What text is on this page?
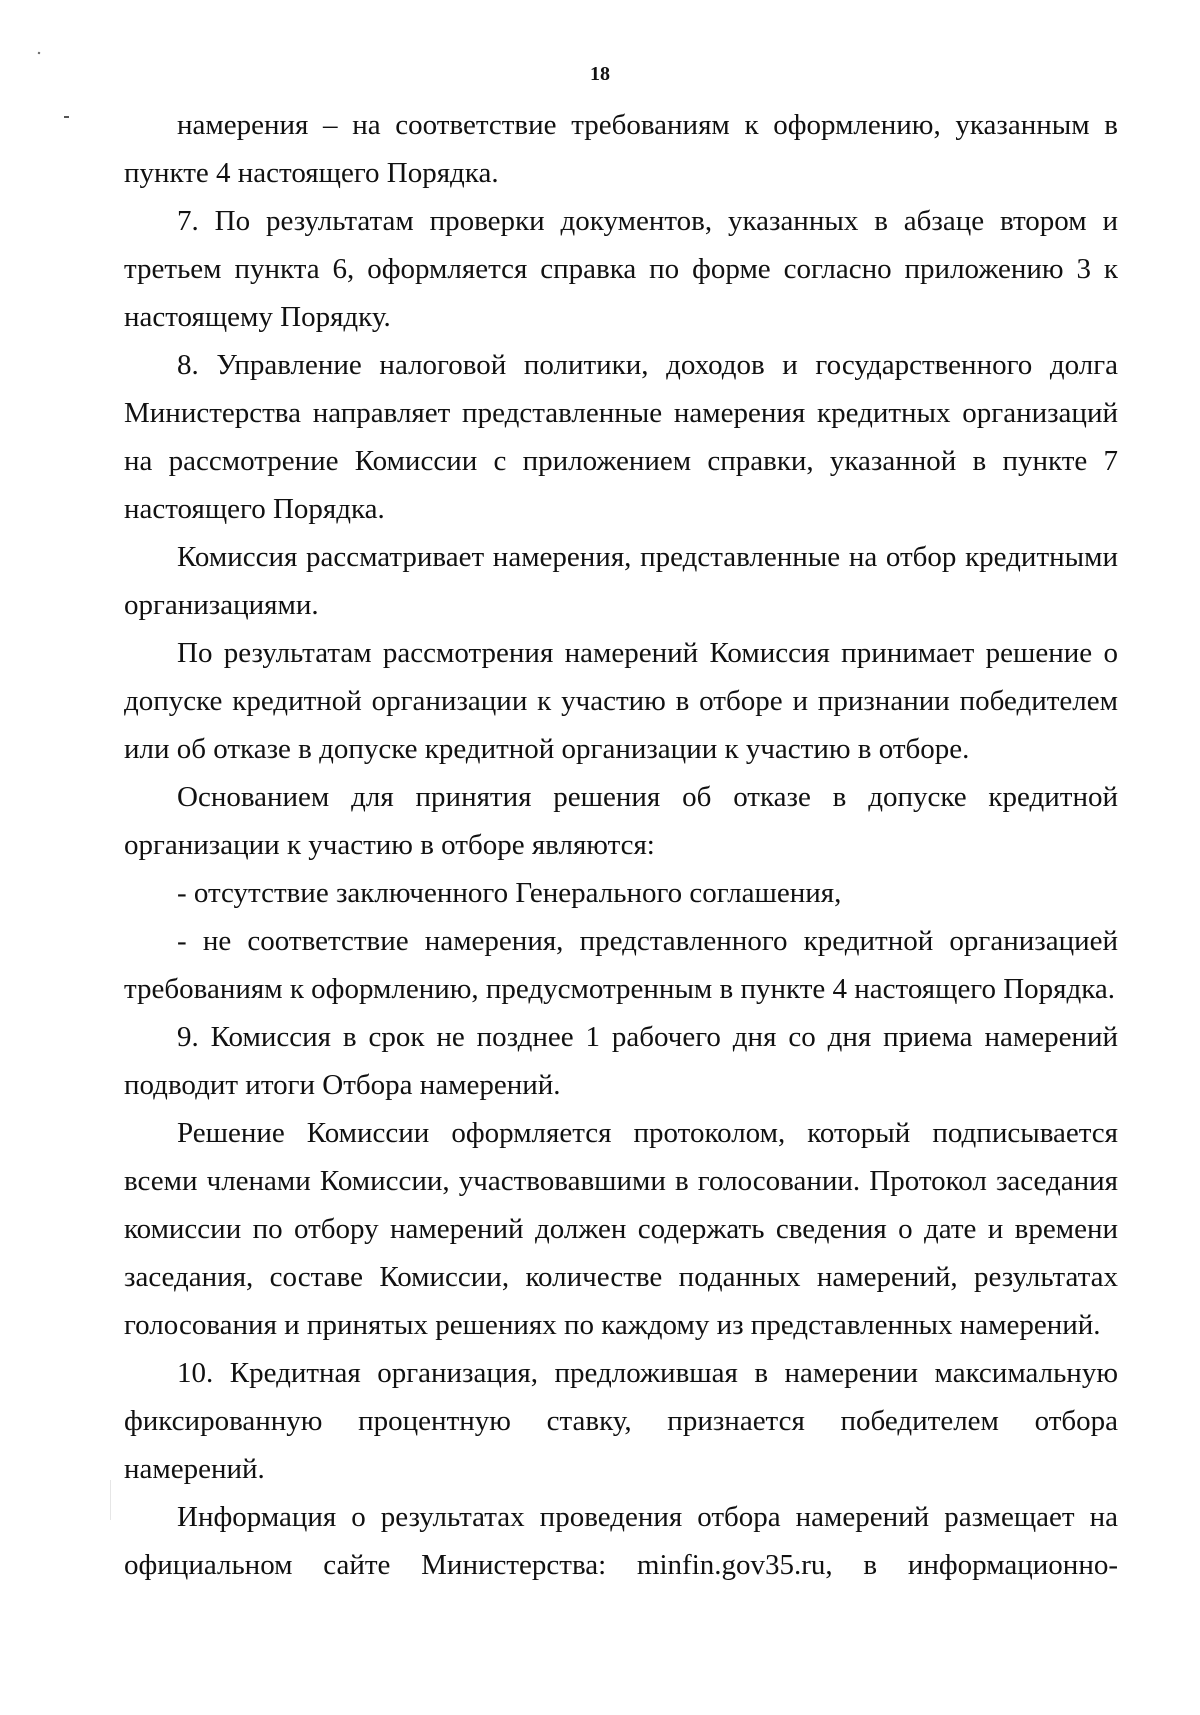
18

намерения – на соответствие требованиям к оформлению, указанным в пункте 4 настоящего Порядка.

7. По результатам проверки документов, указанных в абзаце втором и третьем пункта 6, оформляется справка по форме согласно приложению 3 к настоящему Порядку.

8. Управление налоговой политики, доходов и государственного долга Министерства направляет представленные намерения кредитных организаций на рассмотрение Комиссии с приложением справки, указанной в пункте 7 настоящего Порядка.

Комиссия рассматривает намерения, представленные на отбор кредитными организациями.

По результатам рассмотрения намерений Комиссия принимает решение о допуске кредитной организации к участию в отборе и признании победителем или об отказе в допуске кредитной организации к участию в отборе.

Основанием для принятия решения об отказе в допуске кредитной организации к участию в отборе являются:

- отсутствие заключенного Генерального соглашения,

- не соответствие намерения, представленного кредитной организацией требованиям к оформлению, предусмотренным в пункте 4 настоящего Порядка.

9. Комиссия в срок не позднее 1 рабочего дня со дня приема намерений подводит итоги Отбора намерений.

Решение Комиссии оформляется протоколом, который подписывается всеми членами Комиссии, участвовавшими в голосовании. Протокол заседания комиссии по отбору намерений должен содержать сведения о дате и времени заседания, составе Комиссии, количестве поданных намерений, результатах голосования и принятых решениях по каждому из представленных намерений.

10. Кредитная организация, предложившая в намерении максимальную фиксированную процентную ставку, признается победителем отбора намерений.

Информация о результатах проведения отбора намерений размещает на официальном сайте Министерства: minfin.gov35.ru, в информационно-
